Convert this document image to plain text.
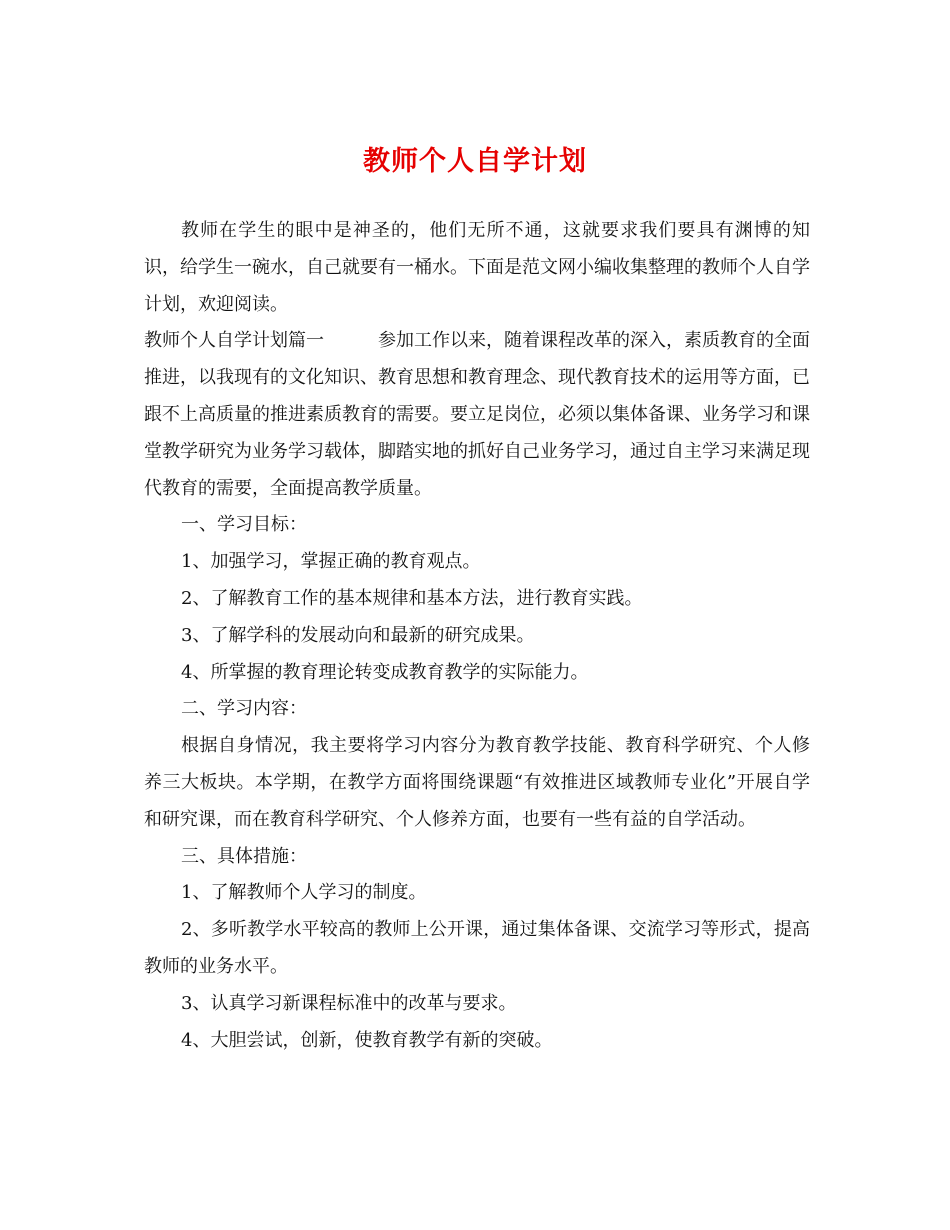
教师个人自学计划

教师在学生的眼中是神圣的，他们无所不通，这就要求我们要具有渊博的知识，给学生一碗水，自己就要有一桶水。下面是范文网小编收集整理的教师个人自学计划，欢迎阅读。

教师个人自学计划篇一	参加工作以来，随着课程改革的深入，素质教育的全面推进，以我现有的文化知识、教育思想和教育理念、现代教育技术的运用等方面，已跟不上高质量的推进素质教育的需要。要立足岗位，必须以集体备课、业务学习和课堂教学研究为业务学习载体，脚踏实地的抓好自己业务学习，通过自主学习来满足现代教育的需要，全面提高教学质量。

一、学习目标：

1、加强学习，掌握正确的教育观点。

2、了解教育工作的基本规律和基本方法，进行教育实践。

3、了解学科的发展动向和最新的研究成果。

4、所掌握的教育理论转变成教育教学的实际能力。

二、学习内容：

根据自身情况，我主要将学习内容分为教育教学技能、教育科学研究、个人修养三大板块。本学期，在教学方面将围绕课题“有效推进区域教师专业化”开展自学和研究课，而在教育科学研究、个人修养方面，也要有一些有益的自学活动。

三、具体措施：

1、了解教师个人学习的制度。

2、多听教学水平较高的教师上公开课，通过集体备课、交流学习等形式，提高教师的业务水平。

3、认真学习新课程标准中的改革与要求。

4、大胆尝试，创新，使教育教学有新的突破。
